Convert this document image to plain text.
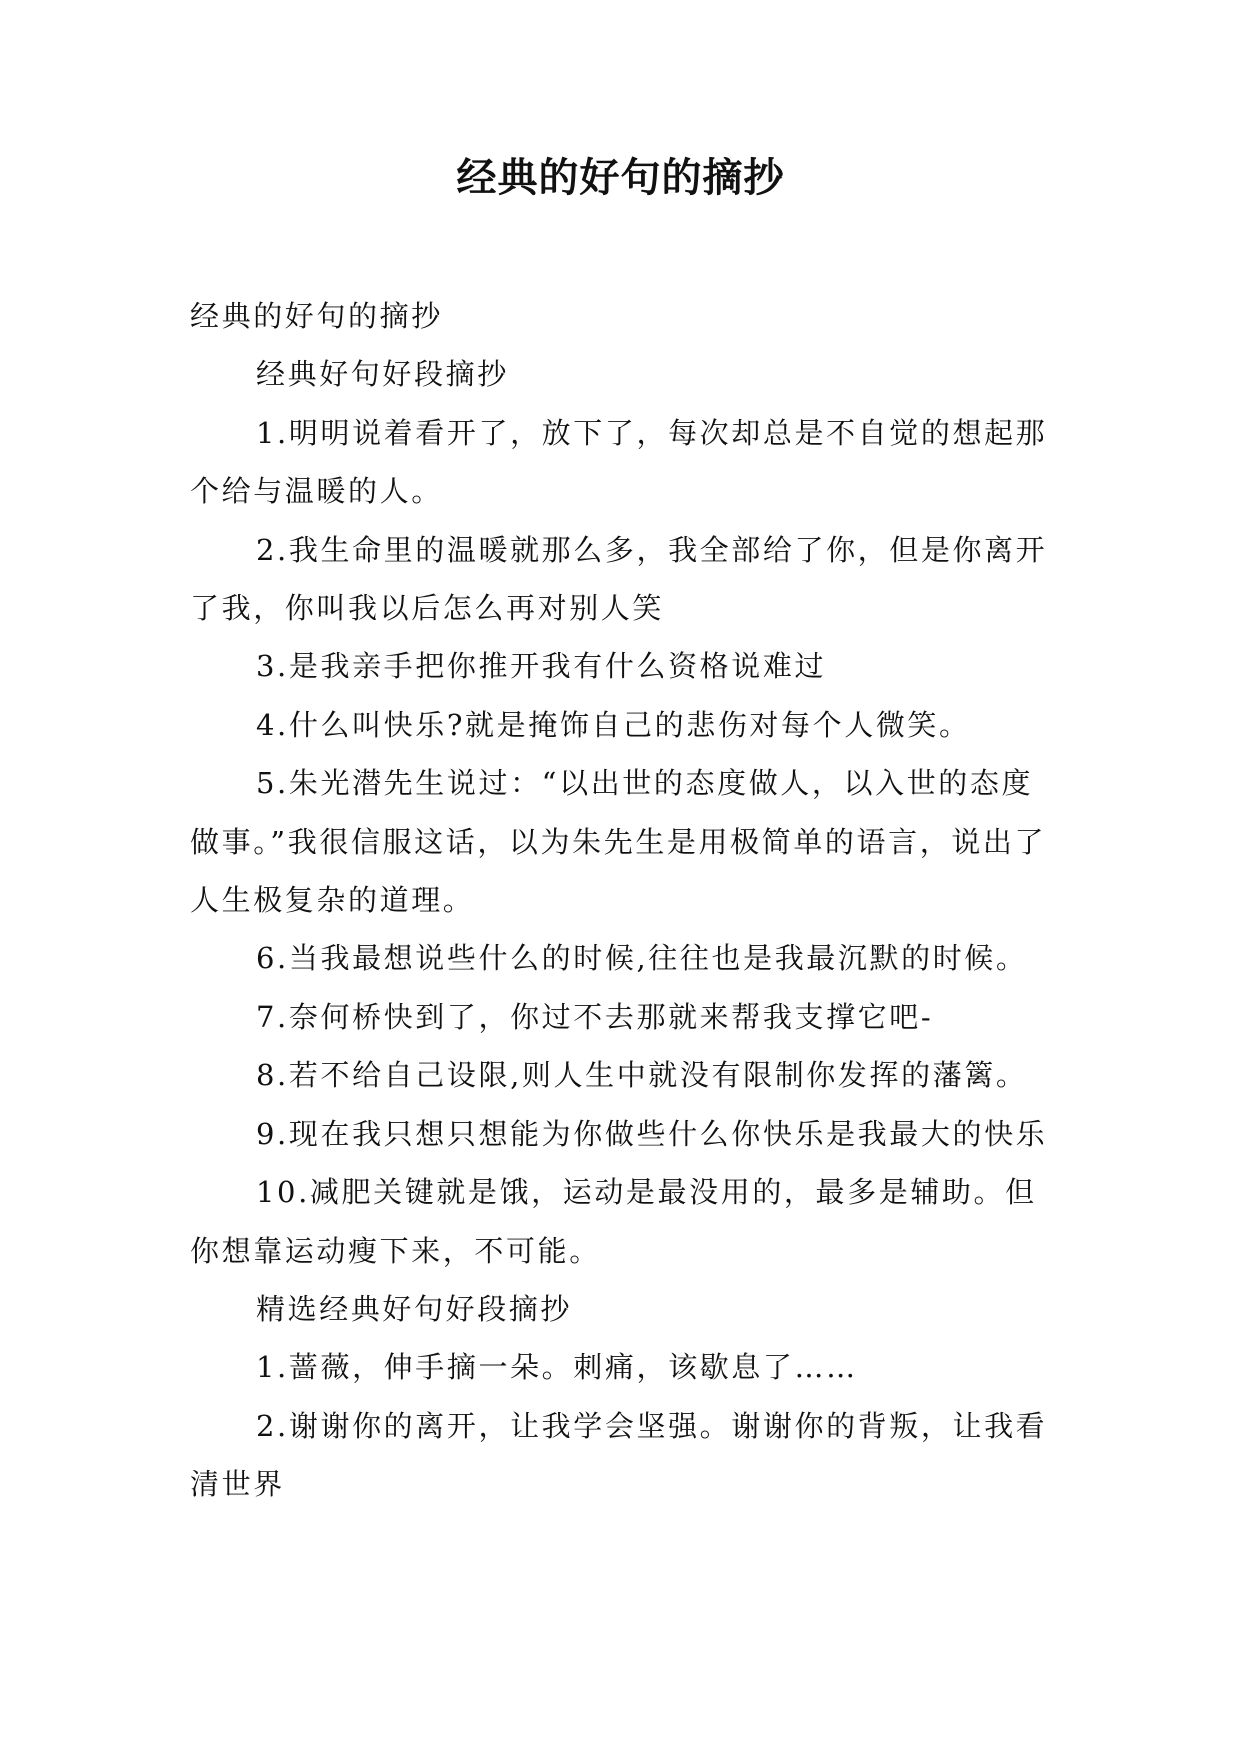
经典的好句的摘抄

经典的好句的摘抄

经典好句好段摘抄

1.明明说着看开了，放下了，每次却总是不自觉的想起那个给与温暖的人。

2.我生命里的温暖就那么多，我全部给了你，但是你离开了我，你叫我以后怎么再对别人笑

3.是我亲手把你推开我有什么资格说难过

4.什么叫快乐?就是掩饰自己的悲伤对每个人微笑。

5.朱光潜先生说过：“以出世的态度做人，以入世的态度做事。”我很信服这话，以为朱先生是用极简单的语言，说出了人生极复杂的道理。

6.当我最想说些什么的时候,往往也是我最沉默的时候。

7.奈何桥快到了，你过不去那就来帮我支撑它吧-

8.若不给自己设限,则人生中就没有限制你发挥的藩篱。

9.现在我只想只想能为你做些什么你快乐是我最大的快乐

10.减肥关键就是饿，运动是最没用的，最多是辅助。但你想靠运动瘦下来，不可能。

精选经典好句好段摘抄

1.蔷薇，伸手摘一朵。刺痛，该歇息了……

2.谢谢你的离开，让我学会坚强。谢谢你的背叛，让我看清世界
